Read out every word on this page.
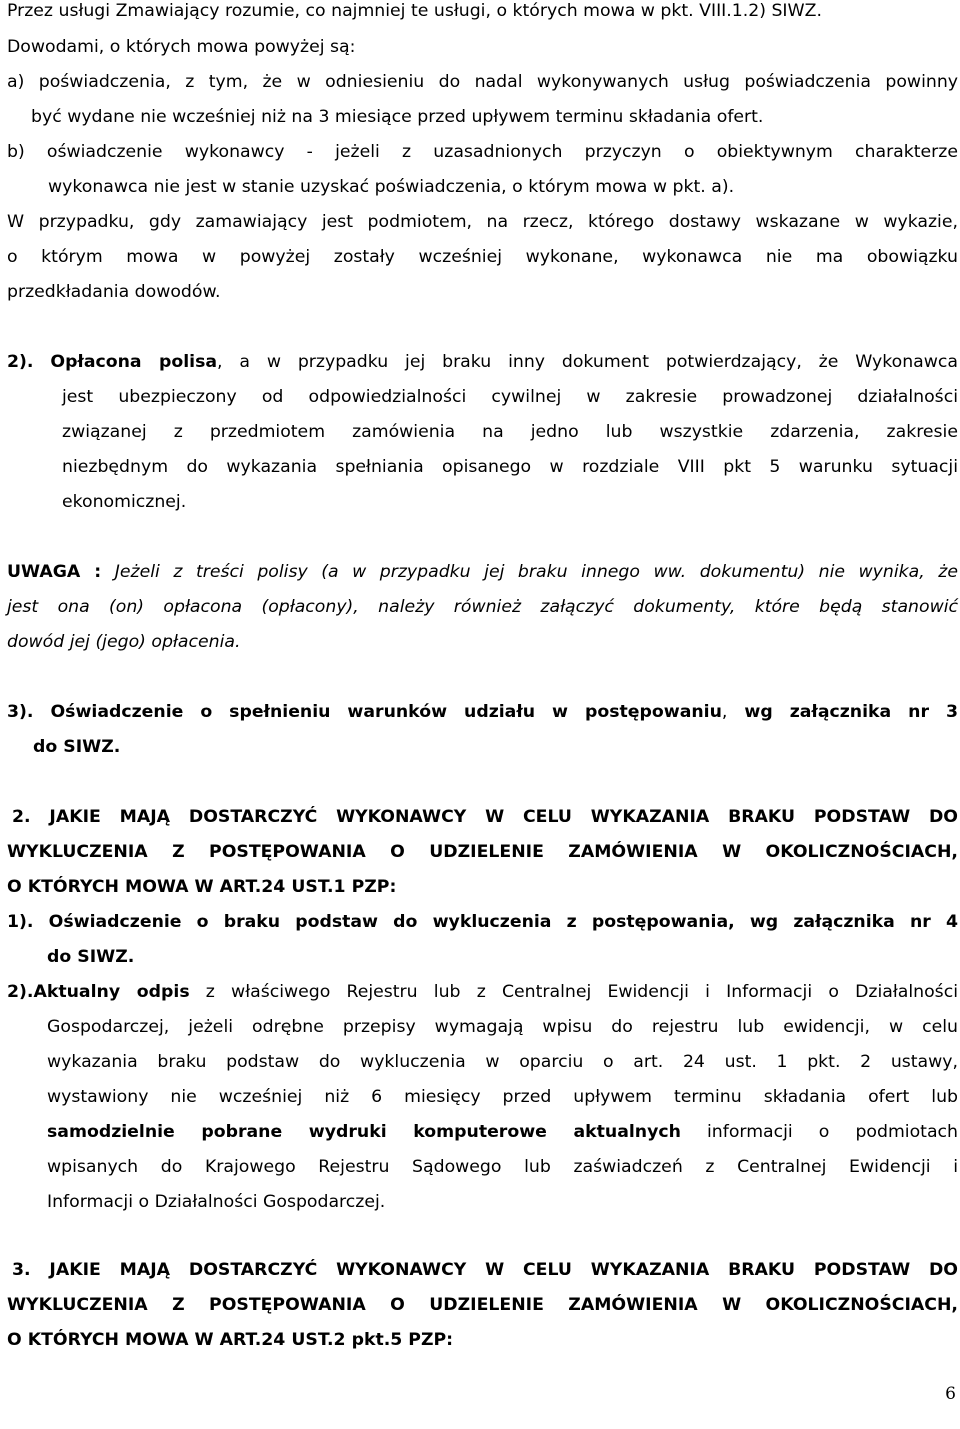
Przez usługi Zmawiający rozumie, co najmniej te usługi, o których mowa w pkt. VIII.1.2) SIWZ.
Dowodami, o których mowa powyżej są:
a) poświadczenia, z tym, że w odniesieniu do nadal wykonywanych usług poświadczenia powinny
być wydane nie wcześniej niż na 3 miesiące przed upływem terminu składania ofert.
b) oświadczenie wykonawcy - jeżeli z uzasadnionych przyczyn o obiektywnym charakterze
wykonawca nie jest w stanie uzyskać poświadczenia, o którym mowa w pkt. a).
W przypadku, gdy zamawiający jest podmiotem, na rzecz, którego dostawy wskazane w wykazie,
o którym mowa w powyżej zostały wcześniej wykonane, wykonawca nie ma obowiązku
przedkładania dowodów.
2). Opłacona polisa, a w przypadku jej braku inny dokument potwierdzający, że Wykonawca
jest ubezpieczony od odpowiedzialności cywilnej w zakresie prowadzonej działalności
związanej z przedmiotem zamówienia na jedno lub wszystkie zdarzenia, zakresie
niezbędnym do wykazania spełniania opisanego w rozdziale VIII pkt 5 warunku sytuacji
ekonomicznej.
UWAGA : Jeżeli z treści polisy (a w przypadku jej braku innego ww. dokumentu) nie wynika, że
jest ona (on) opłacona (opłacony), należy również załączyć dokumenty, które będą stanowić
dowód jej (jego) opłacenia.
3). Oświadczenie o spełnieniu warunków udziału w postępowaniu, wg załącznika nr 3
do SIWZ.
2. JAKIE MAJĄ DOSTARCZYĆ WYKONAWCY W CELU WYKAZANIA BRAKU PODSTAW DO
WYKLUCZENIA Z POSTĘPOWANIA O UDZIELENIE ZAMÓWIENIA W OKOLICZNOŚCIACH,
O KTÓRYCH MOWA W ART.24 UST.1 PZP:
1). Oświadczenie o braku podstaw do wykluczenia z postępowania, wg załącznika nr 4
do SIWZ.
2).Aktualny odpis z właściwego Rejestru lub z Centralnej Ewidencji i Informacji o Działalności
Gospodarczej, jeżeli odrębne przepisy wymagają wpisu do rejestru lub ewidencji, w celu
wykazania braku podstaw do wykluczenia w oparciu o art. 24 ust. 1 pkt. 2 ustawy,
wystawiony nie wcześniej niż 6 miesięcy przed upływem terminu składania ofert lub
samodzielnie pobrane wydruki komputerowe aktualnych informacji o podmiotach
wpisanych do Krajowego Rejestru Sądowego lub zaświadczeń z Centralnej Ewidencji i
Informacji o Działalności Gospodarczej.
3. JAKIE MAJĄ DOSTARCZYĆ WYKONAWCY W CELU WYKAZANIA BRAKU PODSTAW DO
WYKLUCZENIA Z POSTĘPOWANIA O UDZIELENIE ZAMÓWIENIA W OKOLICZNOŚCIACH,
O KTÓRYCH MOWA W ART.24 UST.2 pkt.5 PZP:
6
